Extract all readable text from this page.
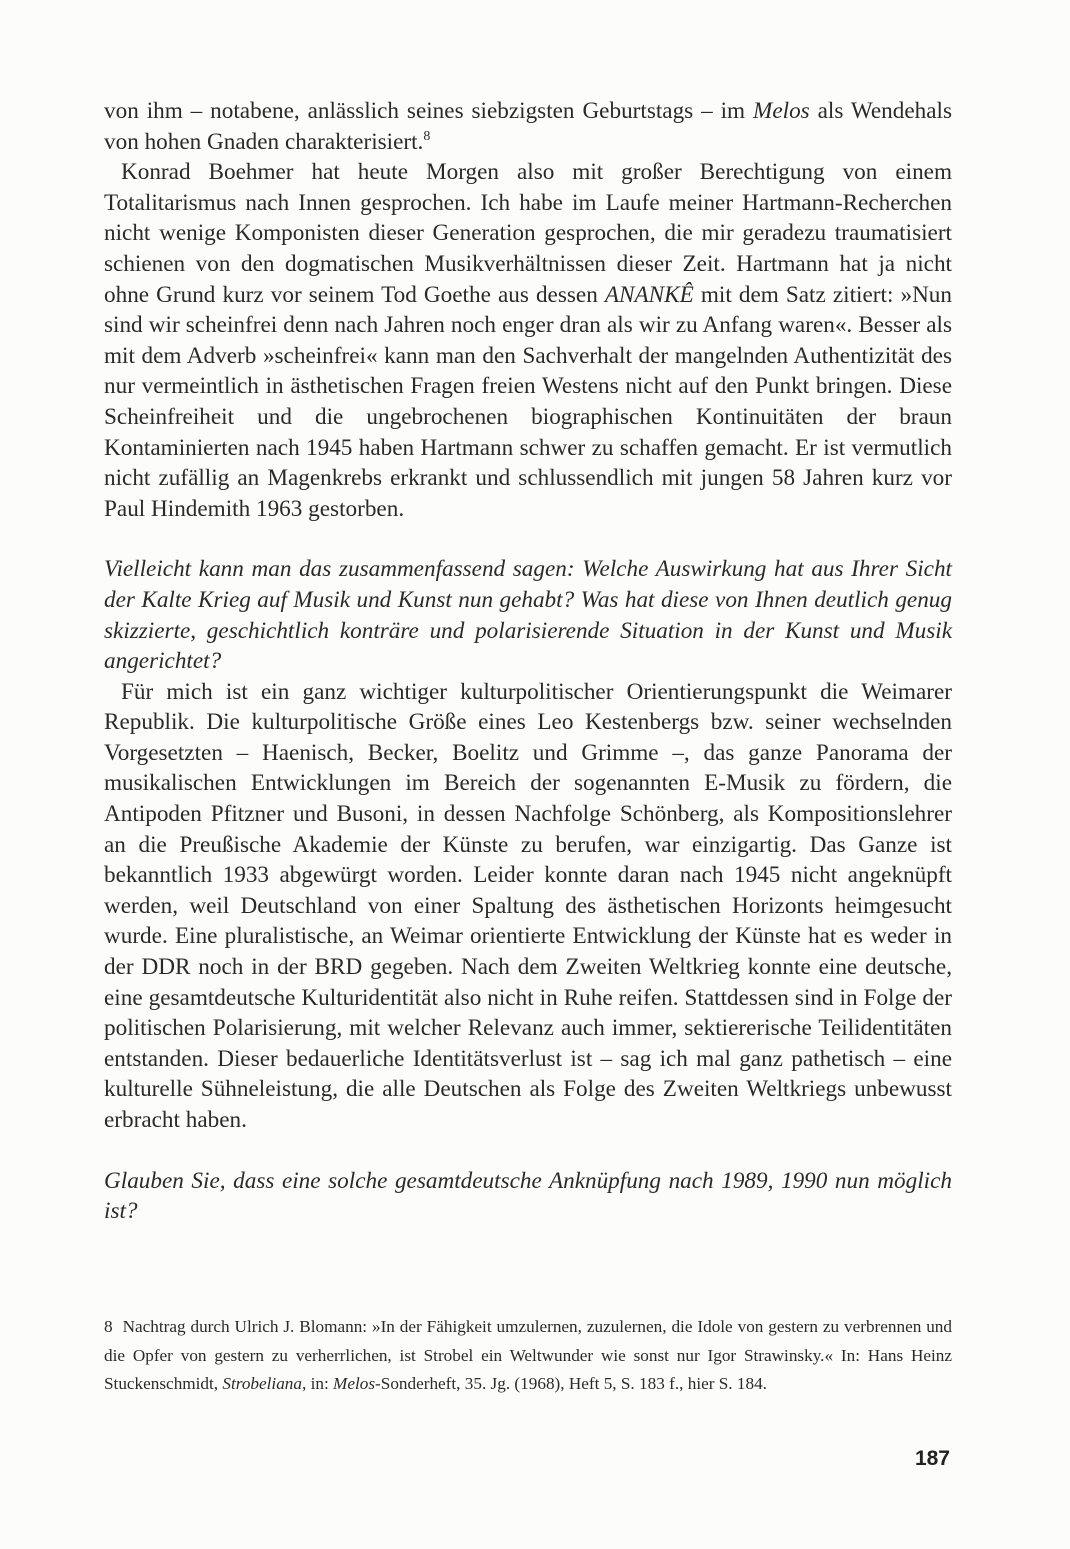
von ihm – notabene, anlässlich seines siebzigsten Geburtstags – im Melos als Wendehals von hohen Gnaden charakterisiert.$^8$

Konrad Boehmer hat heute Morgen also mit großer Berechtigung von einem Totalitarismus nach Innen gesprochen. Ich habe im Laufe meiner Hartmann-Recherchen nicht wenige Komponisten dieser Generation gesprochen, die mir geradezu traumatisiert schienen von den dogmatischen Musikverhältnissen dieser Zeit. Hartmann hat ja nicht ohne Grund kurz vor seinem Tod Goethe aus dessen ANANKÊ mit dem Satz zitiert: »Nun sind wir scheinfrei denn nach Jahren noch enger dran als wir zu Anfang waren«. Besser als mit dem Adverb »scheinfrei« kann man den Sachverhalt der mangelnden Authentizität des nur vermeintlich in ästhetischen Fragen freien Westens nicht auf den Punkt bringen. Diese Scheinfreiheit und die ungebrochenen biographischen Kontinuitäten der braun Kontaminierten nach 1945 haben Hartmann schwer zu schaffen gemacht. Er ist vermutlich nicht zufällig an Magenkrebs erkrankt und schlussendlich mit jungen 58 Jahren kurz vor Paul Hindemith 1963 gestorben.

Vielleicht kann man das zusammenfassend sagen: Welche Auswirkung hat aus Ihrer Sicht der Kalte Krieg auf Musik und Kunst nun gehabt? Was hat diese von Ihnen deutlich genug skizzierte, geschichtlich konträre und polarisierende Situation in der Kunst und Musik angerichtet?

Für mich ist ein ganz wichtiger kulturpolitischer Orientierungspunkt die Weimarer Republik. Die kulturpolitische Größe eines Leo Kestenbergs bzw. seiner wechselnden Vorgesetzten – Haenisch, Becker, Boelitz und Grimme –, das ganze Panorama der musikalischen Entwicklungen im Bereich der sogenannten E-Musik zu fördern, die Antipoden Pfitzner und Busoni, in dessen Nachfolge Schönberg, als Kompositionslehrer an die Preußische Akademie der Künste zu berufen, war einzigartig. Das Ganze ist bekanntlich 1933 abgewürgt worden. Leider konnte daran nach 1945 nicht angeknüpft werden, weil Deutschland von einer Spaltung des ästhetischen Horizonts heimgesucht wurde. Eine pluralistische, an Weimar orientierte Entwicklung der Künste hat es weder in der DDR noch in der BRD gegeben. Nach dem Zweiten Weltkrieg konnte eine deutsche, eine gesamtdeutsche Kulturidentität also nicht in Ruhe reifen. Stattdessen sind in Folge der politischen Polarisierung, mit welcher Relevanz auch immer, sektiererische Teilidentitäten entstanden. Dieser bedauerliche Identitätsverlust ist – sag ich mal ganz pathetisch – eine kulturelle Sühneleistung, die alle Deutschen als Folge des Zweiten Weltkriegs unbewusst erbracht haben.

Glauben Sie, dass eine solche gesamtdeutsche Anknüpfung nach 1989, 1990 nun möglich ist?

8 Nachtrag durch Ulrich J. Blomann: »In der Fähigkeit umzulernen, zuzulernen, die Idole von gestern zu verbrennen und die Opfer von gestern zu verherrlichen, ist Strobel ein Weltwunder wie sonst nur Igor Strawinsky.« In: Hans Heinz Stuckenschmidt, Strobeliana, in: Melos-Sonderheft, 35. Jg. (1968), Heft 5, S. 183 f., hier S. 184.

187
